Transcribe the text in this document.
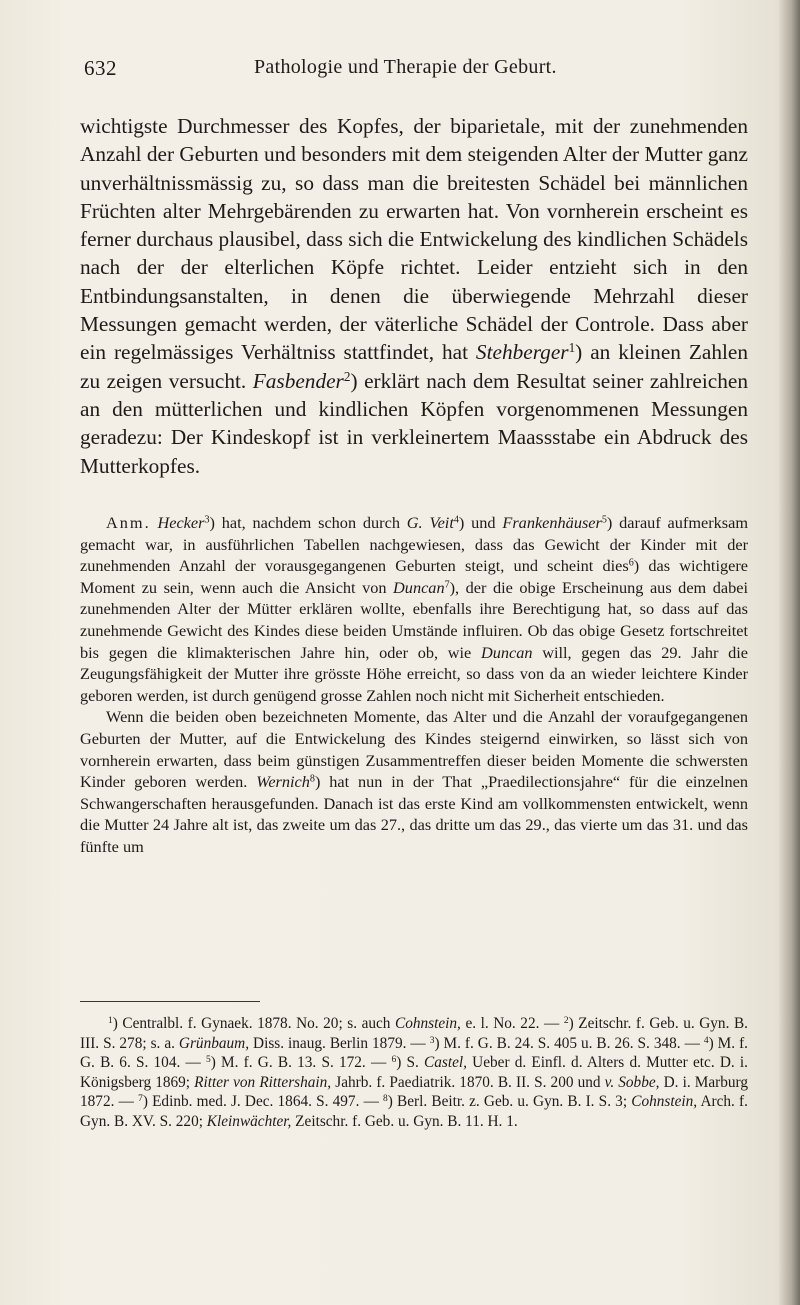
632	Pathologie und Therapie der Geburt.

wichtigste Durchmesser des Kopfes, der biparietale, mit der zunehmenden Anzahl der Geburten und besonders mit dem steigenden Alter der Mutter ganz unverhältnissmässig zu, so dass man die breitesten Schädel bei männlichen Früchten alter Mehrgebärenden zu erwarten hat. Von vornherein erscheint es ferner durchaus plausibel, dass sich die Entwickelung des kindlichen Schädels nach der der elterlichen Köpfe richtet. Leider entzieht sich in den Entbindungsanstalten, in denen die überwiegende Mehrzahl dieser Messungen gemacht werden, der väterliche Schädel der Controle. Dass aber ein regelmässiges Verhältniss stattfindet, hat Stehberger$^1$) an kleinen Zahlen zu zeigen versucht. Fasbender$^2$) erklärt nach dem Resultat seiner zahlreichen an den mütterlichen und kindlichen Köpfen vorgenommenen Messungen geradezu: Der Kindeskopf ist in verkleinertem Maassstabe ein Abdruck des Mutterkopfes.

Anm. Hecker$^3$) hat, nachdem schon durch G. Veit$^4$) und Frankenhäuser$^5$) darauf aufmerksam gemacht war, in ausführlichen Tabellen nachgewiesen, dass das Gewicht der Kinder mit der zunehmenden Anzahl der vorausgegangenen Geburten steigt, und scheint dies$^6$) das wichtigere Moment zu sein, wenn auch die Ansicht von Duncan$^7$), der die obige Erscheinung aus dem dabei zunehmenden Alter der Mütter erklären wollte, ebenfalls ihre Berechtigung hat, so dass auf das zunehmende Gewicht des Kindes diese beiden Umstände influiren. Ob das obige Gesetz fortschreitet bis gegen die klimakterischen Jahre hin, oder ob, wie Duncan will, gegen das 29. Jahr die Zeugungsfähigkeit der Mutter ihre grösste Höhe erreicht, so dass von da an wieder leichtere Kinder geboren werden, ist durch genügend grosse Zahlen noch nicht mit Sicherheit entschieden.

Wenn die beiden oben bezeichneten Momente, das Alter und die Anzahl der voraufgegangenen Geburten der Mutter, auf die Entwickelung des Kindes steigernd einwirken, so lässt sich von vornherein erwarten, dass beim günstigen Zusammentreffen dieser beiden Momente die schwersten Kinder geboren werden. Wernich$^8$) hat nun in der That „Praedilectionsjahre“ für die einzelnen Schwangerschaften herausgefunden. Danach ist das erste Kind am vollkommensten entwickelt, wenn die Mutter 24 Jahre alt ist, das zweite um das 27., das dritte um das 29., das vierte um das 31. und das fünfte um

$^1$) Centralbl. f. Gynaek. 1878. No. 20; s. auch Cohnstein, e. l. No. 22. — $^2$) Zeitschr. f. Geb. u. Gyn. B. III. S. 278; s. a. Grünbaum, Diss. inaug. Berlin 1879. — $^3$) M. f. G. B. 24. S. 405 u. B. 26. S. 348. — $^4$) M. f. G. B. 6. S. 104. — $^5$) M. f. G. B. 13. S. 172. — $^6$) S. Castel, Ueber d. Einfl. d. Alters d. Mutter etc. D. i. Königsberg 1869; Ritter von Rittershain, Jahrb. f. Paediatrik. 1870. B. II. S. 200 und v. Sobbe, D. i. Marburg 1872. — $^7$) Edinb. med. J. Dec. 1864. S. 497. — $^8$) Berl. Beitr. z. Geb. u. Gyn. B. I. S. 3; Cohnstein, Arch. f. Gyn. B. XV. S. 220; Kleinwächter, Zeitschr. f. Geb. u. Gyn. B. 11. H. 1.
